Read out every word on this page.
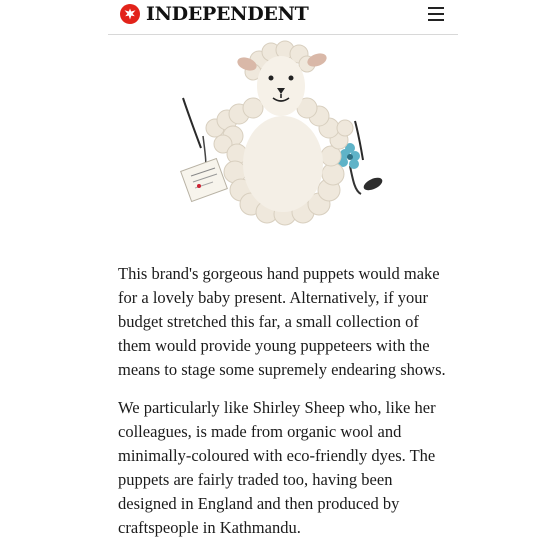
INDEPENDENT

This brand's gorgeous hand puppets would make for a lovely baby present. Alternatively, if your budget stretched this far, a small collection of them would provide young puppeteers with the means to stage some supremely endearing shows.

We particularly like Shirley Sheep who, like her colleagues, is made from organic wool and minimally-coloured with eco-friendly dyes. The puppets are fairly traded too, having been designed in England and then produced by craftspeople in Kathmandu.
